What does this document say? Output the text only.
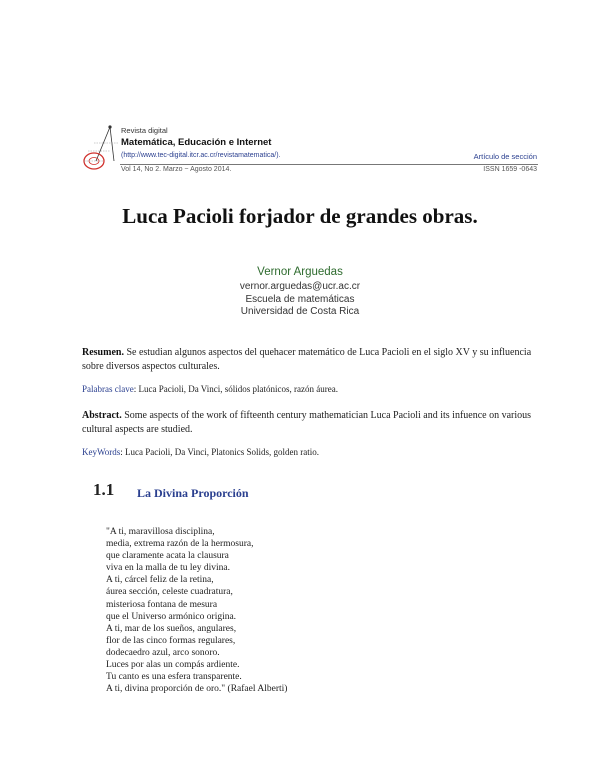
Revista digital
Matemática, Educación e Internet
(http://www.tec-digital.itcr.ac.cr/revistamatematica/).	Artículo de sección
Vol 14, No 2. Marzo − Agosto 2014.	ISSN 1659 -0643
Luca Pacioli forjador de grandes obras.
Vernor Arguedas
vernor.arguedas@ucr.ac.cr
Escuela de matemáticas
Universidad de Costa Rica
Resumen. Se estudian algunos aspectos del quehacer matemático de Luca Pacioli en el siglo XV y su influencia sobre diversos aspectos culturales.
Palabras clave: Luca Pacioli, Da Vinci, sólidos platónicos, razón áurea.
Abstract. Some aspects of the work of fifteenth century mathematician Luca Pacioli and its infuence on various cultural aspects are studied.
KeyWords: Luca Pacioli, Da Vinci, Platonics Solids, golden ratio.
1.1 La Divina Proporción
"A ti, maravillosa disciplina,
media, extrema razón de la hermosura,
que claramente acata la clausura
viva en la malla de tu ley divina.
A ti, cárcel feliz de la retina,
áurea sección, celeste cuadratura,
misteriosa fontana de mesura
que el Universo armónico origina.
A ti, mar de los sueños, angulares,
flor de las cinco formas regulares,
dodecaedro azul, arco sonoro.
Luces por alas un compás ardiente.
Tu canto es una esfera transparente.
A ti, divina proporción de oro." (Rafael Alberti)
